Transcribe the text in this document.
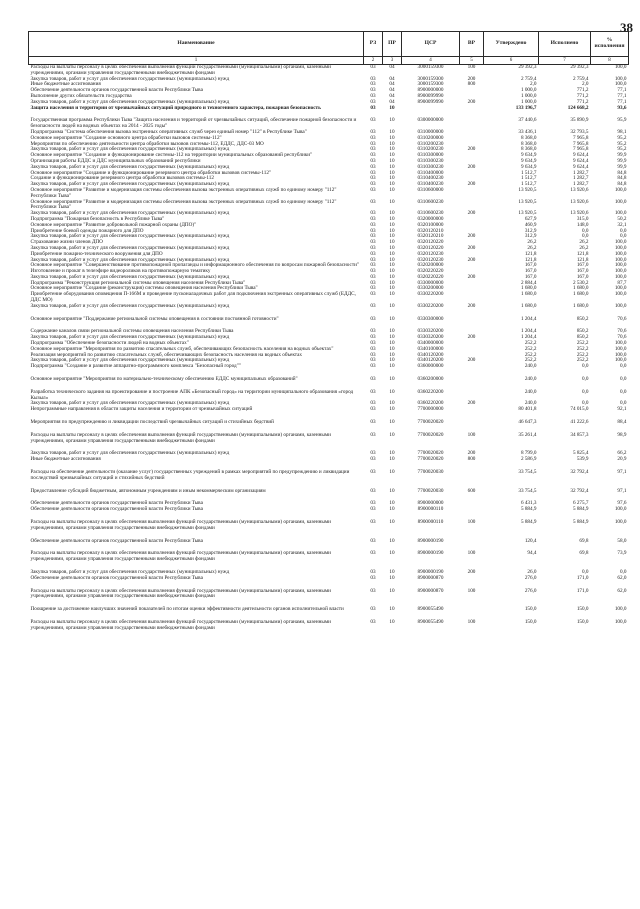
38
Наименование	РЗ	ПР	ЦСР	ВР	Утверждено	Исполнено	% исполнения
1	2	3	4	5	6	7	8
Расходы на выплаты персоналу в целях обеспечения выполнения функций государственными (муниципальными) органами, казенными учреждениями, органами управления государственными внебюджетными фондами	03	04	3000159300	100	29 392,3	29 392,3	100,0
Закупка товаров, работ и услуг для обеспечения государственных (муниципальных) нужд	03	04	3000159300	200	2 759,4	2 759,4	100,0
Иные бюджетные ассигнования	03	04	3000159300	800	2,0	2,0	100,0
Обеспечение деятельности органов государственной власти Республики Тыва	03	04	8900000000		1 000,0	771,2	77,1
Выполнение других обязательств государства	03	04	8900099990		1 000,0	771,2	77,1
Закупка товаров, работ и услуг для обеспечения государственных (муниципальных) нужд	03	04	8900099990	200	1 000,0	771,2	77,1
Защита населения и территории от чрезвычайных ситуаций природного и техногенного характера, пожарная безопасность	03	10			133 196,7	124 668,2	93,6

Государственная программа Республики Тыва "Защита населения и территорий от чрезвычайных ситуаций, обеспечение пожарной безопасности и безопасности людей на водных объектах на 2014 - 2025 годы"	03	10	0300000000		37 440,6	35 890,9	95,9
Подпрограмма "Система обеспечения вызова экстренных оперативных служб через единый номер "112" в Республике Тыва"	03	10	0310000000		33 436,1	32 793,5	98,1
Основное мероприятие "Создание основного центра обработки вызовов системы-112"	03	10	0310200000		8 368,0	7 965,8	95,2
Мероприятия по обеспечению деятельности центра обработки вызовов системы-112, ЕДДС, ДДС-03 МО	03	10	0310200230		8 368,0	7 965,8	95,2
Закупка товаров, работ и услуг для обеспечения государственных (муниципальных) нужд	03	10	0310200230	200	8 368,0	7 965,8	95,2
Основное мероприятие "Создание и функционирование системы-112 на территории муниципальных образований республики"	03	10	0310300000		9 634,9	9 624,4	99,9
Организация работы ЕДДС и ДДС муниципальных образований республики	03	10	0310300230		9 634,9	9 624,4	99,9
Закупка товаров, работ и услуг для обеспечения государственных (муниципальных) нужд	03	10	0310300230	200	9 634,9	9 624,4	99,9
Основное мероприятие "Создание и функционирование резервного центра обработки вызовов системы-112"	03	10	0310400000		1 512,7	1 282,7	84,8
Создание и функционирование резервного центра обработки вызовов системы-112	03	10	0310400230		1 512,7	1 282,7	84,8
Закупка товаров, работ и услуг для обеспечения государственных (муниципальных) нужд	03	10	0310400230	200	1 512,7	1 282,7	84,8
Основное мероприятие "Развитие и модернизация системы обеспечения вызова экстренных оперативных служб по единому номеру "112" Республики Тыва"	03	10	0310600000		13 920,5	13 920,6	100,0
Основное мероприятие "Развитие и модернизация системы обеспечения вызова экстренных оперативных служб по единому номеру "112" Республики Тыва"	03	10	0310600230		13 920,5	13 920,6	100,0
Закупка товаров, работ и услуг для обеспечения государственных (муниципальных) нужд	03	10	0310600230	200	13 920,5	13 920,6	100,0
Подпрограмма "Пожарная безопасность в Республике Тыва"	03	10	0320000000		627,9	315,0	50,2
Основное мероприятие "Развитие добровольной пожарной охраны (ДПО)"	03	10	0320100000		460,9	148,0	32,1
Приобретение боевой одежды пожарного для ДПО	03	10	0320120210		312,9	0,0	0,0
Закупка товаров, работ и услуг для обеспечения государственных (муниципальных) нужд	03	10	0320120210	200	312,9	0,0	0,0
Страхование жизни членов ДПО	03	10	0320120220		26,2	26,2	100,0
Закупка товаров, работ и услуг для обеспечения государственных (муниципальных) нужд	03	10	0320120220	200	26,2	26,2	100,0
Приобретение пожарно-технического вооружения для ДПО	03	10	0320120230		121,8	121,8	100,0
Закупка товаров, работ и услуг для обеспечения государственных (муниципальных) нужд	03	10	0320120230	200	121,8	121,8	100,0
Основное мероприятие "Совершенствование противопожарной пропаганды и информационного обеспечения по вопросам пожарной безопасности"	03	10	0320200000		167,0	167,0	100,0
Изготовление и прокат в телеэфире видеороликов на противопожарную тематику	03	10	0320220220		167,0	167,0	100,0
Закупка товаров, работ и услуг для обеспечения государственных (муниципальных) нужд	03	10	0320220220	200	167,0	167,0	100,0
Подпрограмма "Реконструкция региональной системы оповещения населения Республики Тыва"	03	10	0330000000		2 884,4	2 530,2	87,7
Основное мероприятие "Создание (реконструкция) системы оповещения населения Республики Тыва"	03	10	0330200000		1 680,0	1 680,0	100,0
Приобретение оборудования оповещения П-166М и проведение пусконаладочных работ для подключения экстренных оперативных служб (ЕДДС, ДДС МО)	03	10	0330220200		1 680,0	1 680,0	100,0
Закупка товаров, работ и услуг для обеспечения государственных (муниципальных) нужд	03	10	0330220200	200	1 680,0	1 680,0	100,0

Основное мероприятие "Поддержание региональной системы оповещения в состоянии постоянной готовности"	03	10	0330300000		1 204,4	850,2	70,6

Содержание каналов связи региональной системы оповещения населения Республики Тыва	03	10	0330320200		1 204,4	850,2	70,6
Закупка товаров, работ и услуг для обеспечения государственных (муниципальных) нужд	03	10	0330320200	200	1 204,4	850,2	70,6
Подпрограмма "Обеспечение безопасности людей на водных объектах"	03	10	0340000000		252,2	252,2	100,0
Основное мероприятие "Мероприятия по развитию спасательных служб, обеспечивающих безопасность населения на водных объектах"	03	10	0340100000		252,2	252,2	100,0
Реализация мероприятий по развитию спасательных служб, обеспечивающих безопасность населения на водных объектах	03	10	0340120200		252,2	252,2	100,0
Закупка товаров, работ и услуг для обеспечения государственных (муниципальных) нужд	03	10	0340120200	200	252,2	252,2	100,0
Подпрограмма "Создание и развитие аппаратно-программного комплекса "Безопасный город""	03	10	0360000000		240,0	0,0	0,0

Основное мероприятие "Мероприятия по материально-техническому обеспечению ЕДДС муниципальных образований"	03	10	0360200000		240,0	0,0	0,0

Разработка технического задания на проектирование и построение АПК «Безопасный город» на территории муниципального образования «город Кызыл»	03	10	0360220200		240,0	0,0	0,0
Закупка товаров, работ и услуг для обеспечения государственных (муниципальных) нужд	03	10	0360220200	200	240,0	0,0	0,0
Непрограммные направления в области защиты населения и территории от чрезвычайных ситуаций	03	10	7700000000		80 401,8	74 015,0	92,1

Мероприятия по предупреждению и ликвидации последствий чрезвычайных ситуаций и стихийных бедствий	03	10	7700020020		46 647,3	41 222,6	88,4

Расходы на выплаты персоналу в целях обеспечения выполнения функций государственными (муниципальными) органами, казенными учреждениями, органами управления государственными внебюджетными фондами	03	10	7700020020	100	35 261,4	34 857,3	98,9

Закупка товаров, работ и услуг для обеспечения государственных (муниципальных) нужд	03	10	7700020020	200	8 799,0	5 825,4	66,2
Иные бюджетные ассигнования	03	10	7700020020	800	2 586,9	539,9	20,9

Расходы на обеспечение деятельности (оказание услуг) государственных учреждений в рамках мероприятий по предупреждению и ликвидации последствий чрезвычайных ситуаций и стихийных бедствий	03	10	7700020030		33 754,5	32 792,4	97,1

Предоставление субсидий бюджетным, автономным учреждениям и иным некоммерческим организациям	03	10	7700020030	600	33 754,5	32 792,4	97,1

Обеспечение деятельности органов государственной власти Республики Тыва	03	10	8900000000		6 431,3	6 275,7	97,6
Обеспечение деятельности органов государственной власти Республики Тыва	03	10	8900000110		5 884,9	5 884,9	100,0

Расходы на выплаты персоналу в целях обеспечения выполнения функций государственными (муниципальными) органами, казенными учреждениями, органами управления государственными внебюджетными фондами	03	10	8900000110	100	5 884,9	5 884,9	100,0

Обеспечение деятельности органов государственной власти Республики Тыва	03	10	8900000190		120,4	69,8	58,0

Расходы на выплаты персоналу в целях обеспечения выполнения функций государственными (муниципальными) органами, казенными учреждениями, органами управления государственными внебюджетными фондами	03	10	8900000190	100	94,4	69,8	73,9

Закупка товаров, работ и услуг для обеспечения государственных (муниципальных) нужд	03	10	8900000190	200	26,0	0,0	0,0
Обеспечение деятельности органов государственной власти Республики Тыва	03	10	8900000870		276,0	171,0	62,0

Расходы на выплаты персоналу в целях обеспечения выполнения функций государственными (муниципальными) органами, казенными учреждениями, органами управления государственными внебюджетными фондами	03	10	8900000870	100	276,0	171,0	62,0

Поощрение за достижение наилучших значений показателей по итогам оценки эффективности деятельности органов исполнительной власти	03	10	8900055490		150,0	150,0	100,0

Расходы на выплаты персоналу в целях обеспечения выполнения функций государственными (муниципальными) органами, казенными учреждениями, органами управления государственными внебюджетными фондами	03	10	8900055490	100	150,0	150,0	100,0
